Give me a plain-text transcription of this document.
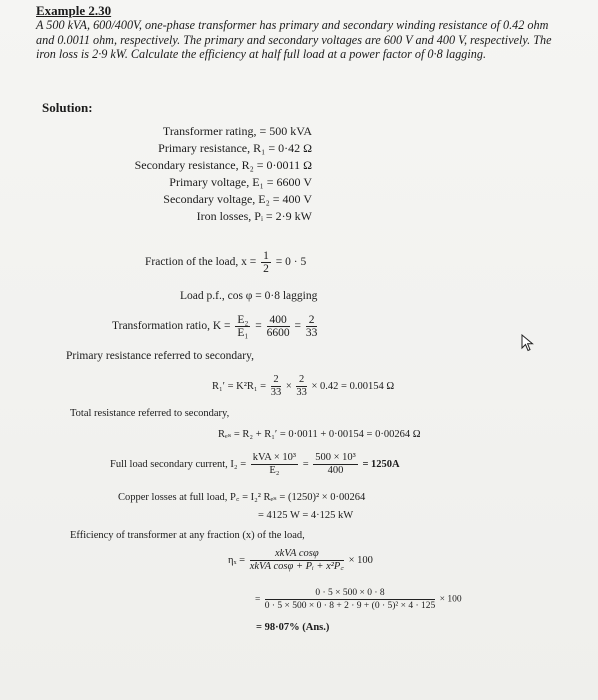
Example 2.30
A 500 kVA, 600/400V, one-phase transformer has primary and secondary winding resistance of 0.42 ohm and 0.0011 ohm, respectively. The primary and secondary voltages are 600 V and 400 V, respectively. The iron loss is 2·9 kW. Calculate the efficiency at half full load at a power factor of 0·8 lagging.
Solution:
Transformer rating, = 500 kVA
Primary resistance, R₁ = 0·42 Ω
Secondary resistance, R₂ = 0·0011 Ω
Primary voltage, E₁ = 6600 V
Secondary voltage, E₂ = 400 V
Iron losses, Pᵢ = 2·9 kW
Fraction of the load, $x = \frac{1}{2} = 0 \cdot 5$
Load p.f., cos φ = 0·8 lagging
Transformation ratio, $K = \frac{\text{E₂}}{\text{E₁}} = \frac{400}{6600} = \frac{2}{33}$
Primary resistance referred to secondary,
$R_1' = K^2R_1 = \frac{2}{33} \times \frac{2}{33} \times 0.42 = 0.00154$ Ω
Total resistance referred to secondary,
Rₑₛ = R₂ + R₁′ = 0·0011 + 0·00154 = 0·00264 Ω
Full load secondary current, $I_2 = \frac{\text{kVA × 10³}}{\text{E₂}} = \frac{\text{500 × 10³}}{400} = 1250A$
Copper losses at full load, P꜀ = I₂² Rₑₛ = (1250)² × 0·00264
= 4125 W = 4·125 kW
Efficiency of transformer at any fraction (x) of the load,
$\eta_x = \frac{\text{xkVA cosφ}}{\text{xkVA cosφ + Pᵢ + x²P꜀}} \times 100$
= $\frac{0 \cdot 5 \times 500 \times 0 \cdot 8}{\text{0 · 5 × 500 × 0 · 8 + 2 · 9 + (0 · 5)² × 4 · 125}} \times 100$
= 98·07% (Ans.)
